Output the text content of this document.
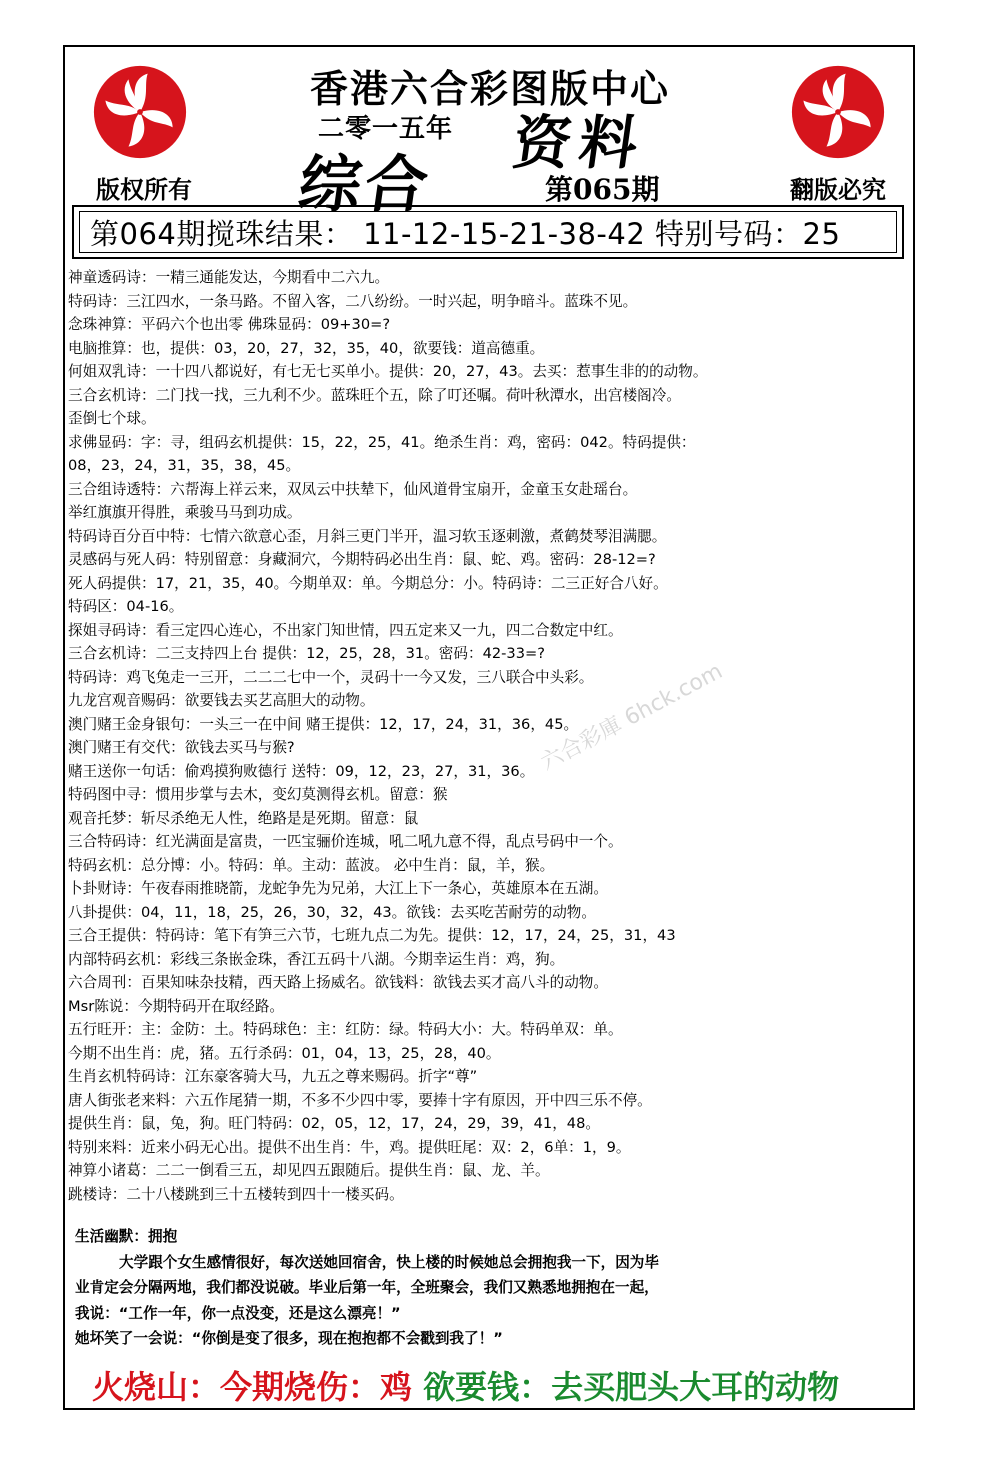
香港六合彩图版中心
二零一五年 资料
综合
版权所有	第065期	翻版必究
第064期搅珠结果： 11-12-15-21-38-42 特别号码：25
神童透码诗：一精三通能发达，今期看中二六九。
特码诗：三江四水，一条马路。不留入客，二八纷纷。一时兴起，明争暗斗。蓝珠不见。
念珠神算：平码六个也出零 佛珠显码：09+30=?
电脑推算：也，提供：03，20，27，32，35，40，欲要钱：道高德重。
何姐双乳诗：一十四八都说好，有七无七买单小。提供：20，27，43。去买：惹事生非的的动物。
三合玄机诗：二门找一找，三九利不少。蓝珠旺个五，除了叮还嘱。荷叶秋潭水，出宫楼阁冷。
歪倒七个球。
求佛显码：字：寻，组码玄机提供：15，22，25，41。绝杀生肖：鸡，密码：042。特码提供：
08，23，24，31，35，38，45。
三合组诗透特：六帮海上祥云来，双凤云中扶辇下，仙风道骨宝扇开，金童玉女赴瑶台。
举红旗旗开得胜，乘骏马马到功成。
特码诗百分百中特：七情六欲意心歪，月斜三更门半开，温习软玉逐刺激，煮鹤焚琴泪满腮。
灵感码与死人码：特别留意：身藏洞穴，今期特码必出生肖：鼠、蛇、鸡。密码：28-12=?
死人码提供：17，21，35，40。今期单双：单。今期总分：小。特码诗：二三正好合八好。
特码区：04-16。
探姐寻码诗：看三定四心连心，不出家门知世情，四五定来又一九，四二合数定中红。
三合玄机诗：二三支持四上台 提供：12，25，28，31。密码：42-33=?
特码诗：鸡飞兔走一三开，二二二七中一个，灵码十一今又发，三八联合中头彩。
九龙宫观音赐码：欲要钱去买艺高胆大的动物。
澳门赌王金身银句：一头三一在中间 赌王提供：12，17，24，31，36，45。
澳门赌王有交代：欲钱去买马与猴?
赌王送你一句话：偷鸡摸狗败德行 送特：09，12，23，27，31，36。
特码图中寻：惯用步掌与去木，变幻莫测得玄机。留意：猴
观音托梦：斩尽杀绝无人性，绝路是是死期。留意：鼠
三合特码诗：红光满面是富贵，一匹宝骊价连城，吼二吼九意不得，乱点号码中一个。
特码玄机：总分博：小。特码：单。主动：蓝波。 必中生肖：鼠，羊，猴。
卜卦财诗：午夜春雨推晓箭，龙蛇争先为兄弟，大江上下一条心，英雄原本在五湖。
八卦提供：04，11，18，25，26，30，32，43。欲钱：去买吃苦耐劳的动物。
三合王提供：特码诗：笔下有笋三六节，七班九点二为先。提供：12，17，24，25，31，43
内部特码玄机：彩线三条嵌金珠，香江五码十八湖。今期幸运生肖：鸡，狗。
六合周刊：百果知味杂技精，西天路上扬威名。欲钱料：欲钱去买才高八斗的动物。
Msr陈说：今期特码开在取经路。
五行旺开：主：金防：土。特码球色：主：红防：绿。特码大小：大。特码单双：单。
今期不出生肖：虎，猪。五行杀码：01，04，13，25，28，40。
生肖玄机特码诗：江东豪客骑大马，九五之尊来赐码。折字“尊”
唐人街张老来料：六五作尾猜一期，不多不少四中零，要捧十字有原因，开中四三乐不停。
提供生肖：鼠，兔，狗。旺门特码：02，05，12，17，24，29，39，41，48。
特别来料：近来小码无心出。提供不出生肖：牛，鸡。提供旺尾：双：2，6单：1，9。
神算小诸葛：二二一倒看三五，却见四五跟随后。提供生肖：鼠、龙、羊。
跳楼诗：二十八楼跳到三十五楼转到四十一楼买码。
生活幽默：拥抱
大学跟个女生感情很好，每次送她回宿舍，快上楼的时候她总会拥抱我一下，因为毕
业肯定会分隔两地，我们都没说破。毕业后第一年，全班聚会，我们又熟悉地拥抱在一起，
我说：“工作一年，你一点没变，还是这么漂亮！”
她坏笑了一会说：“你倒是变了很多，现在抱抱都不会戳到我了！”
火烧山：今期烧伤：鸡 欲要钱：去买肥头大耳的动物
六合彩庫 6hck.com
